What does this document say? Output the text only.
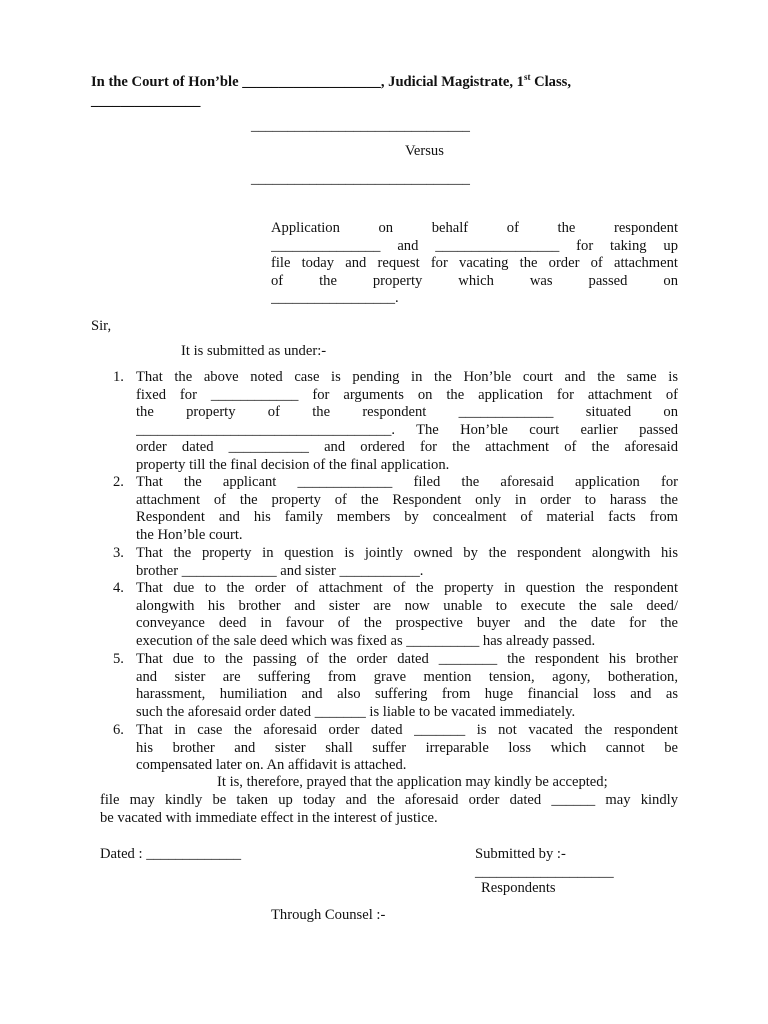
In the Court of Hon’ble ___________________, Judicial Magistrate, 1st Class,
_______________
______________________________
Versus
______________________________
Application on behalf of the respondent
_______________ and _________________ for taking up
file today and request for vacating the order of attachment
of the property which was passed on
_________________.
Sir,
It is submitted as under:-
1. That the above noted case is pending in the Hon’ble court and the same is
fixed for ____________ for arguments on the application for attachment of
the property of the respondent _____________ situated on
___________________________________. The Hon’ble court earlier passed
order dated ___________ and ordered for the attachment of the aforesaid
property till the final decision of the final application.
2. That the applicant _____________ filed the aforesaid application for
attachment of the property of the Respondent only in order to harass the
Respondent and his family members by concealment of material facts from
the Hon’ble court.
3. That the property in question is jointly owned by the respondent alongwith his
brother _____________ and sister ___________.
4. That due to the order of attachment of the property in question the respondent
alongwith his brother and sister are now unable to execute the sale deed/
conveyance deed in favour of the prospective buyer and the date for the
execution of the sale deed which was fixed as __________ has already passed.
5. That due to the passing of the order dated ________ the respondent his brother
and sister are suffering from grave mention tension, agony, botheration,
harassment, humiliation and also suffering from huge financial loss and as
such the aforesaid order dated _______ is liable to be vacated immediately.
6. That in case the aforesaid order dated _______ is not vacated the respondent
his brother and sister shall suffer irreparable loss which cannot be
compensated later on. An affidavit is attached.
It is, therefore, prayed that the application may kindly be accepted;
file may kindly be taken up today and the aforesaid order dated ______ may kindly
be vacated with immediate effect in the interest of justice.
Dated : _____________	Submitted by :-
___________________
Respondents
Through Counsel :-
